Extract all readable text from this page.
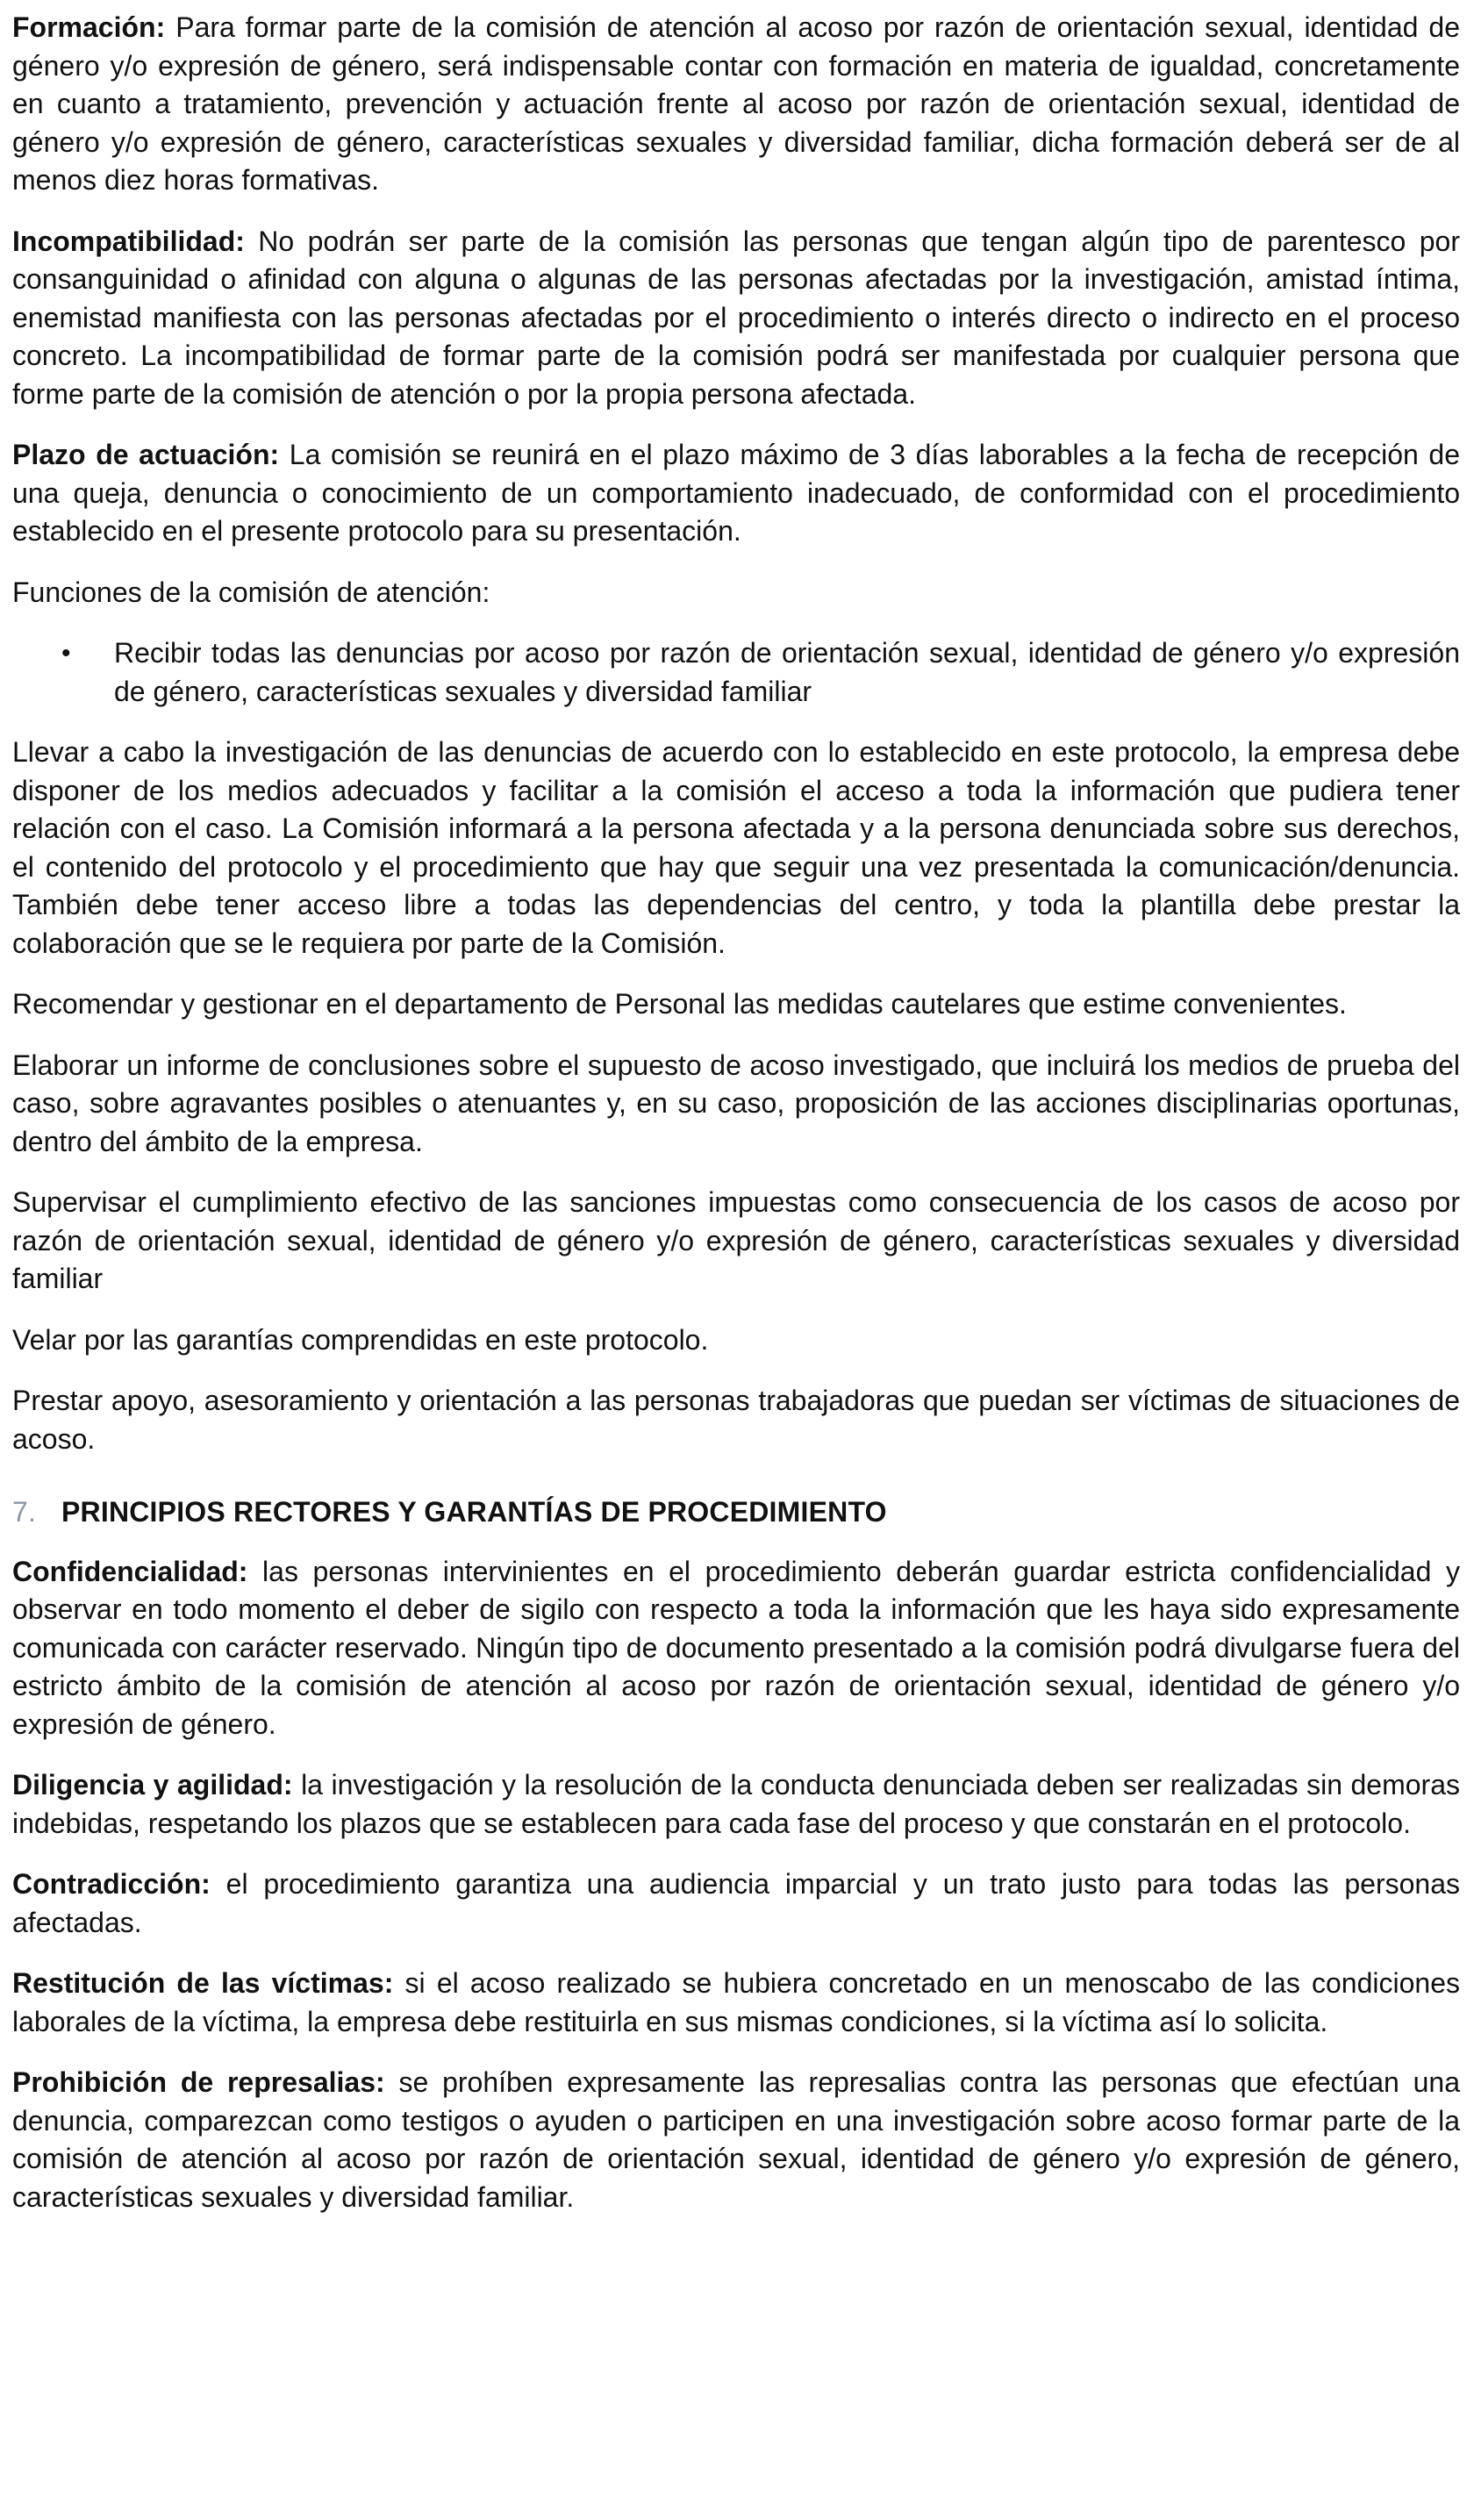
Formación: Para formar parte de la comisión de atención al acoso por razón de orientación sexual, identidad de género y/o expresión de género, será indispensable contar con formación en materia de igualdad, concretamente en cuanto a tratamiento, prevención y actuación frente al acoso por razón de orientación sexual, identidad de género y/o expresión de género, características sexuales y diversidad familiar, dicha formación deberá ser de al menos diez horas formativas.

Incompatibilidad: No podrán ser parte de la comisión las personas que tengan algún tipo de parentesco por consanguinidad o afinidad con alguna o algunas de las personas afectadas por la investigación, amistad íntima, enemistad manifiesta con las personas afectadas por el procedimiento o interés directo o indirecto en el proceso concreto. La incompatibilidad de formar parte de la comisión podrá ser manifestada por cualquier persona que forme parte de la comisión de atención o por la propia persona afectada.

Plazo de actuación: La comisión se reunirá en el plazo máximo de 3 días laborables a la fecha de recepción de una queja, denuncia o conocimiento de un comportamiento inadecuado, de conformidad con el procedimiento establecido en el presente protocolo para su presentación.

Funciones de la comisión de atención:

• Recibir todas las denuncias por acoso por razón de orientación sexual, identidad de género y/o expresión de género, características sexuales y diversidad familiar

Llevar a cabo la investigación de las denuncias de acuerdo con lo establecido en este protocolo, la empresa debe disponer de los medios adecuados y facilitar a la comisión el acceso a toda la información que pudiera tener relación con el caso. La Comisión informará a la persona afectada y a la persona denunciada sobre sus derechos, el contenido del protocolo y el procedimiento que hay que seguir una vez presentada la comunicación/denuncia. También debe tener acceso libre a todas las dependencias del centro, y toda la plantilla debe prestar la colaboración que se le requiera por parte de la Comisión.

Recomendar y gestionar en el departamento de Personal las medidas cautelares que estime convenientes.

Elaborar un informe de conclusiones sobre el supuesto de acoso investigado, que incluirá los medios de prueba del caso, sobre agravantes posibles o atenuantes y, en su caso, proposición de las acciones disciplinarias oportunas, dentro del ámbito de la empresa.

Supervisar el cumplimiento efectivo de las sanciones impuestas como consecuencia de los casos de acoso por razón de orientación sexual, identidad de género y/o expresión de género, características sexuales y diversidad familiar

Velar por las garantías comprendidas en este protocolo.

Prestar apoyo, asesoramiento y orientación a las personas trabajadoras que puedan ser víctimas de situaciones de acoso.

7. PRINCIPIOS RECTORES Y GARANTÍAS DE PROCEDIMIENTO

Confidencialidad: las personas intervinientes en el procedimiento deberán guardar estricta confidencialidad y observar en todo momento el deber de sigilo con respecto a toda la información que les haya sido expresamente comunicada con carácter reservado. Ningún tipo de documento presentado a la comisión podrá divulgarse fuera del estricto ámbito de la comisión de atención al acoso por razón de orientación sexual, identidad de género y/o expresión de género.

Diligencia y agilidad: la investigación y la resolución de la conducta denunciada deben ser realizadas sin demoras indebidas, respetando los plazos que se establecen para cada fase del proceso y que constarán en el protocolo.

Contradicción: el procedimiento garantiza una audiencia imparcial y un trato justo para todas las personas afectadas.

Restitución de las víctimas: si el acoso realizado se hubiera concretado en un menoscabo de las condiciones laborales de la víctima, la empresa debe restituirla en sus mismas condiciones, si la víctima así lo solicita.

Prohibición de represalias: se prohíben expresamente las represalias contra las personas que efectúan una denuncia, comparezcan como testigos o ayuden o participen en una investigación sobre acoso formar parte de la comisión de atención al acoso por razón de orientación sexual, identidad de género y/o expresión de género, características sexuales y diversidad familiar.
